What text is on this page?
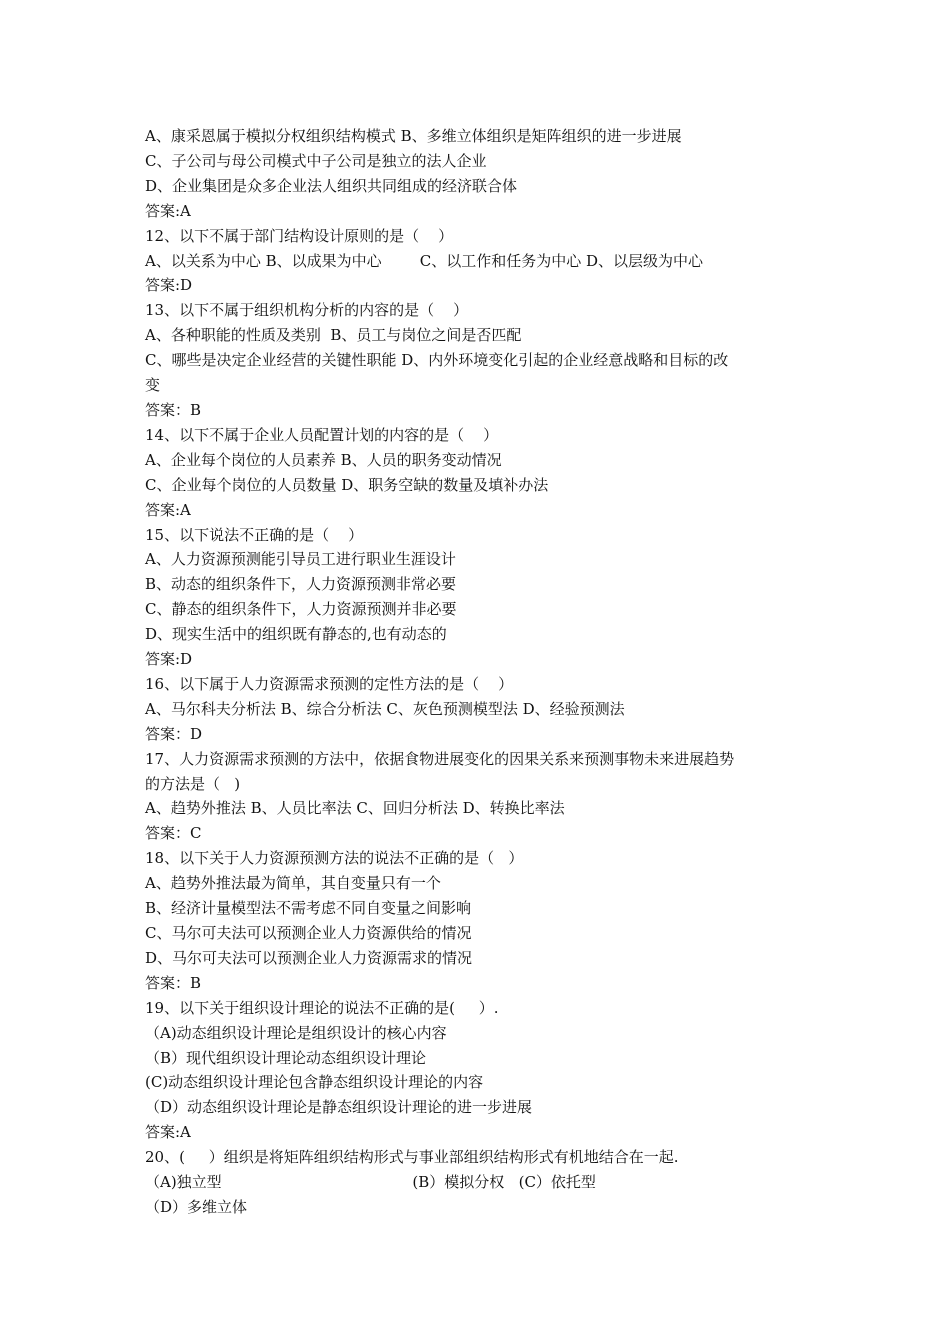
A、康采恩属于模拟分权组织结构模式 B、多维立体组织是矩阵组织的进一步进展

C、子公司与母公司模式中子公司是独立的法人企业

D、企业集团是众多企业法人组织共同组成的经济联合体

答案:A

12、以下不属于部门结构设计原则的是（    ）

A、以关系为中心 B、以成果为中心        C、以工作和任务为中心 D、以层级为中心

答案:D

13、以下不属于组织机构分析的内容的是（    ）

A、各种职能的性质及类别  B、员工与岗位之间是否匹配

C、哪些是决定企业经营的关键性职能 D、内外环境变化引起的企业经意战略和目标的改

变

答案：B

14、以下不属于企业人员配置计划的内容的是（    ）

A、企业每个岗位的人员素养 B、人员的职务变动情况

C、企业每个岗位的人员数量 D、职务空缺的数量及填补办法

答案:A

15、以下说法不正确的是（    ）

A、人力资源预测能引导员工进行职业生涯设计

B、动态的组织条件下，人力资源预测非常必要

C、静态的组织条件下，人力资源预测并非必要

D、现实生活中的组织既有静态的,也有动态的

答案:D

16、以下属于人力资源需求预测的定性方法的是（    ）

A、马尔科夫分析法 B、综合分析法 C、灰色预测模型法 D、经验预测法

答案：D

17、人力资源需求预测的方法中，依据食物进展变化的因果关系来预测事物未来进展趋势

的方法是（   )

A、趋势外推法 B、人员比率法 C、回归分析法 D、转换比率法

答案：C

18、以下关于人力资源预测方法的说法不正确的是（   ）

A、趋势外推法最为简单，其自变量只有一个

B、经济计量模型法不需考虑不同自变量之间影响

C、马尔可夫法可以预测企业人力资源供给的情况

D、马尔可夫法可以预测企业人力资源需求的情况

答案：B

19、以下关于组织设计理论的说法不正确的是(     ）.

（A)动态组织设计理论是组织设计的核心内容

（B）现代组织设计理论动态组织设计理论

(C)动态组织设计理论包含静态组织设计理论的内容

（D）动态组织设计理论是静态组织设计理论的进一步进展

答案:A

20、(     ）组织是将矩阵组织结构形式与事业部组织结构形式有机地结合在一起.

（A)独立型                                        (B）模拟分权   (C）依托型

（D）多维立体
